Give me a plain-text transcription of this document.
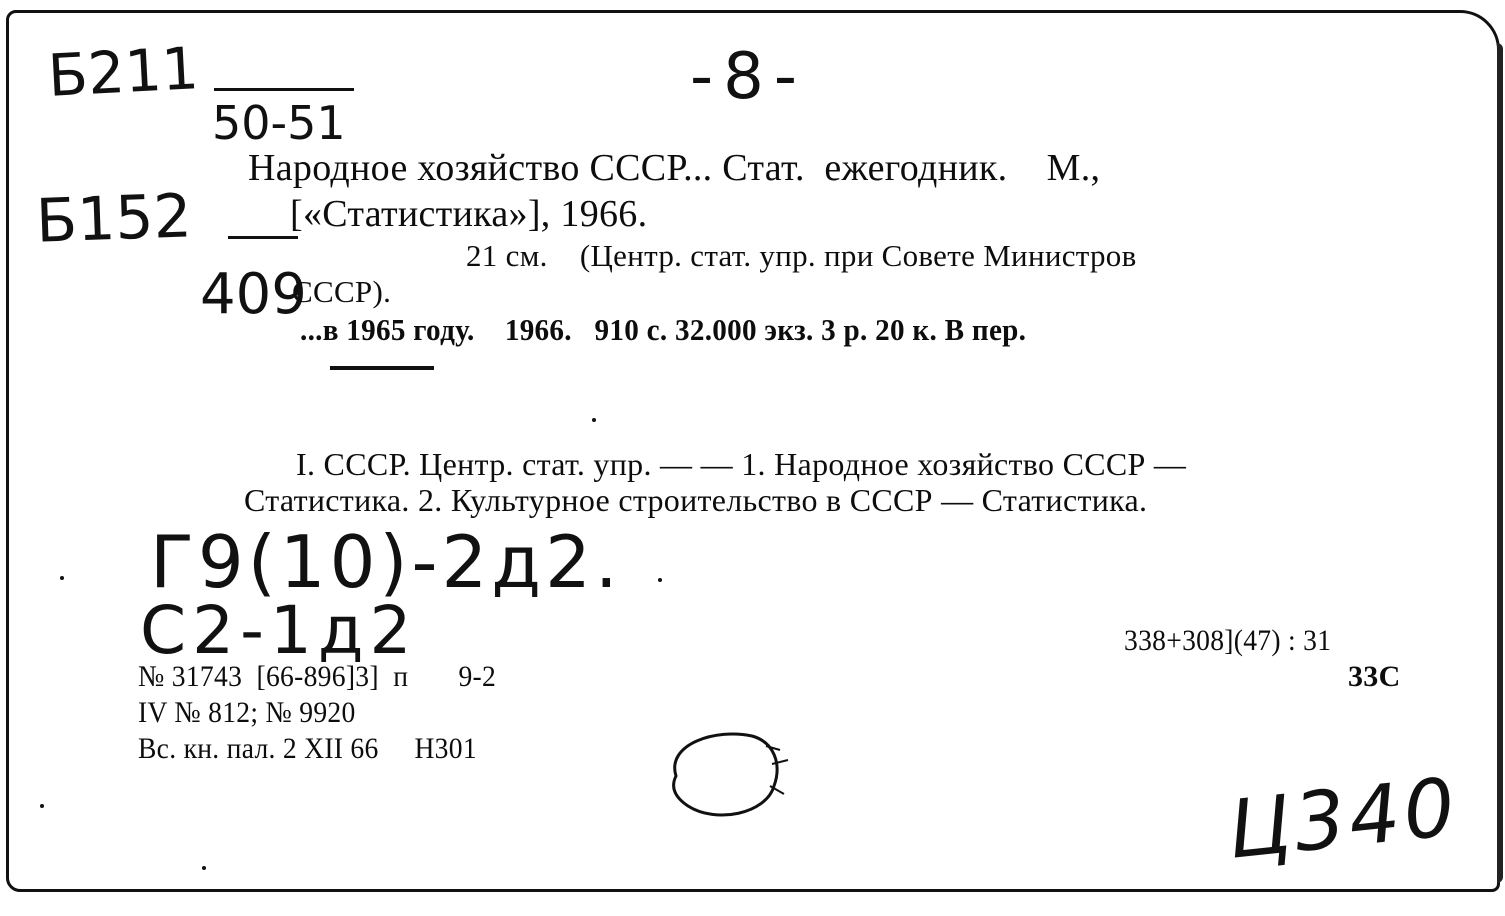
-8-
Б211
50-51
Б152
409
Народное хозяйство СССР... Стат.  ежегодник.    М.,
[«Статистика»], 1966.
21 см.    (Центр. стат. упр. при Совете Министров
СССР).
...в 1965 году.    1966.   910 с. 32.000 экз. 3 р. 20 к. В пер.
I. СССР. Центр. стат. упр. — — 1. Народное хозяйство СССР —
Статистика. 2. Культурное строительство в СССР — Статистика.
Г9(10)-2д2.
С2-1д2	338+308](47) : 31
33С
№ 31743  [66-896]3]  п       9-2
IV № 812; № 9920
Вс. кн. пал. 2 XII 66     Н301
Ц340
